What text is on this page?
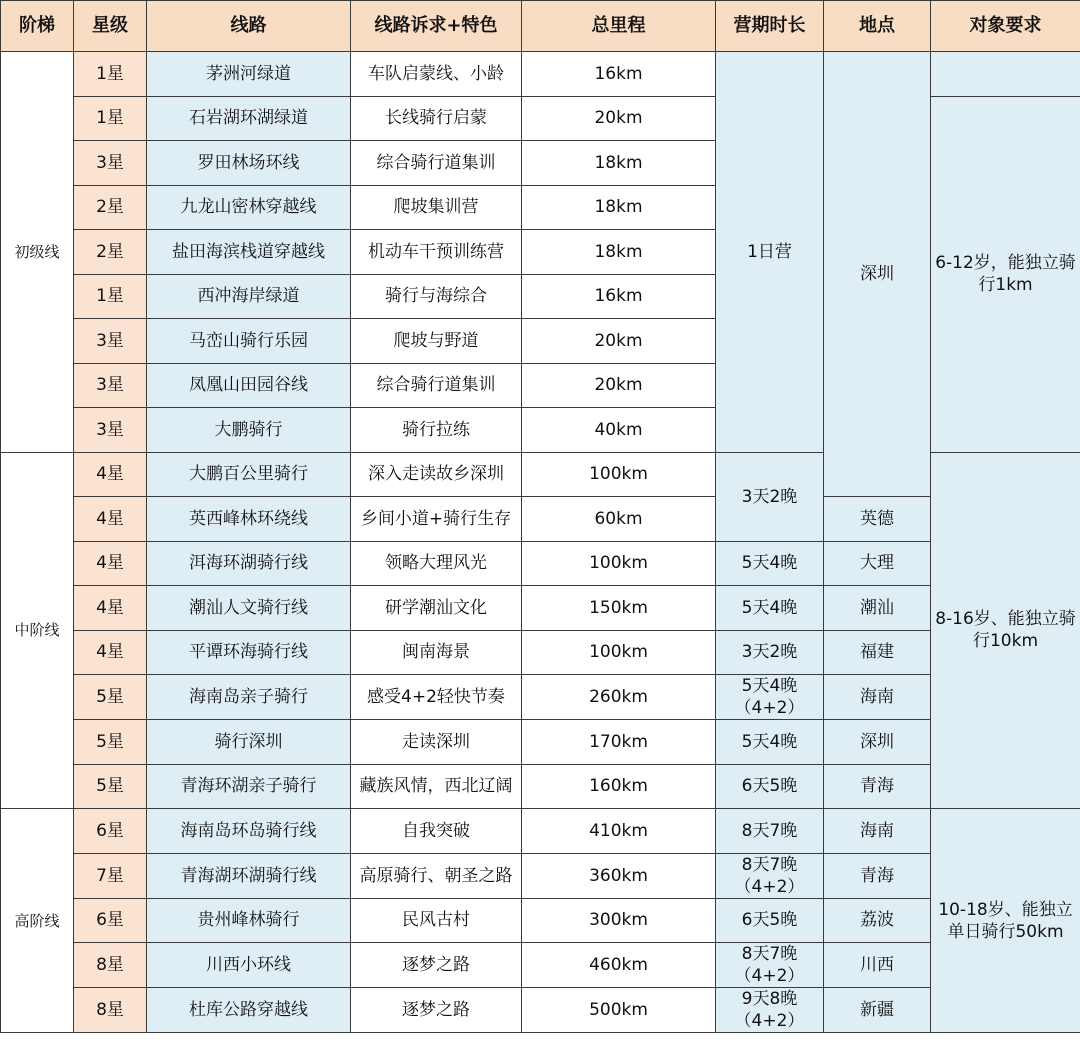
阶梯	星级	线路	线路诉求+特色	总里程	营期时长	地点	对象要求
初级线	1星	茅洲河绿道	车队启蒙线、小龄	16km	1日营	深圳	
	1星	石岩湖环湖绿道	长线骑行启蒙	20km			6-12岁，能独立骑行1km
	3星	罗田林场环线	综合骑行道集训	18km			
	2星	九龙山密林穿越线	爬坡集训营	18km			
	2星	盐田海滨栈道穿越线	机动车干预训练营	18km			
	1星	西冲海岸绿道	骑行与海综合	16km			
	3星	马峦山骑行乐园	爬坡与野道	20km			
	3星	凤凰山田园谷线	综合骑行道集训	20km			
	3星	大鹏骑行	骑行拉练	40km			
中阶线	4星	大鹏百公里骑行	深入走读故乡深圳	100km	3天2晚		8-16岁、能独立骑行10km
	4星	英西峰林环绕线	乡间小道+骑行生存	60km		英德	
	4星	洱海环湖骑行线	领略大理风光	100km	5天4晚	大理	
	4星	潮汕人文骑行线	研学潮汕文化	150km	5天4晚	潮汕	
	4星	平谭环海骑行线	闽南海景	100km	3天2晚	福建	
	5星	海南岛亲子骑行	感受4+2轻快节奏	260km	5天4晚（4+2）	海南	
	5星	骑行深圳	走读深圳	170km	5天4晚	深圳	
	5星	青海环湖亲子骑行	藏族风情，西北辽阔	160km	6天5晚	青海	
高阶线	6星	海南岛环岛骑行线	自我突破	410km	8天7晚	海南	10-18岁、能独立单日骑行50km
	7星	青海湖环湖骑行线	高原骑行、朝圣之路	360km	8天7晚（4+2）	青海	
	6星	贵州峰林骑行	民风古村	300km	6天5晚	荔波	
	8星	川西小环线	逐梦之路	460km	8天7晚（4+2）	川西	
	8星	杜库公路穿越线	逐梦之路	500km	9天8晚（4+2）	新疆	
